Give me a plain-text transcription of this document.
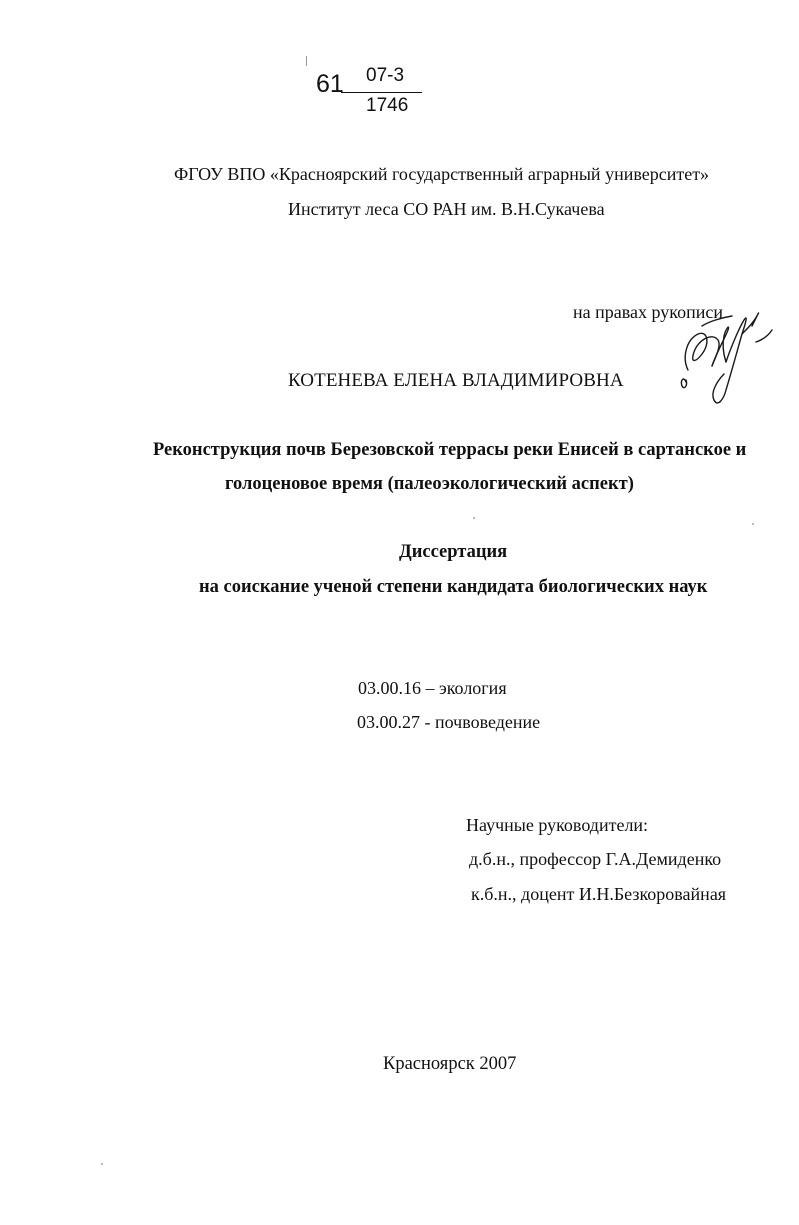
61 07-3
1746
ФГОУ ВПО «Красноярский государственный аграрный университет»
Институт леса СО РАН им. В.Н.Сукачева
на правах рукописи
КОТЕНЕВА ЕЛЕНА ВЛАДИМИРОВНА
Реконструкция почв Березовской террасы реки Енисей в сартанское и
голоценовое время (палеоэкологический аспект)
Диссертация
на соискание ученой степени кандидата биологических наук
03.00.16 – экология
03.00.27 - почвоведение
Научные руководители:
д.б.н., профессор Г.А.Демиденко
к.б.н., доцент И.Н.Безкоровайная
Красноярск 2007
